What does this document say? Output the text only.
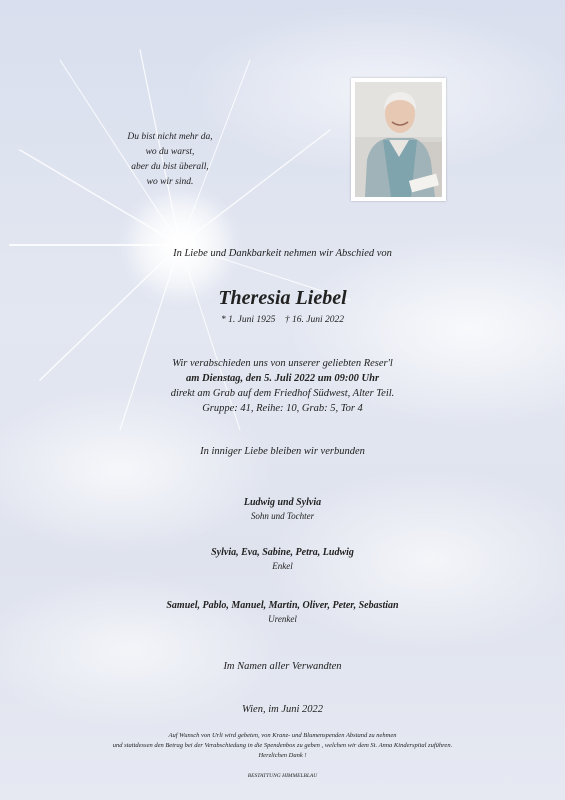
Du bist nicht mehr da,
wo du warst,
aber du bist überall,
wo wir sind.
In Liebe und Dankbarkeit nehmen wir Abschied von
Theresia Liebel
* 1. Juni 1925    † 16. Juni 2022
Wir verabschieden uns von unserer geliebten Reser'l
am Dienstag, den 5. Juli 2022 um 09:00 Uhr
direkt am Grab auf dem Friedhof Südwest, Alter Teil.
Gruppe: 41, Reihe: 10, Grab: 5, Tor 4
In inniger Liebe bleiben wir verbunden
Ludwig und Sylvia
Sohn und Tochter
Sylvia, Eva, Sabine, Petra, Ludwig
Enkel
Samuel, Pablo, Manuel, Martin, Oliver, Peter, Sebastian
Urenkel
Im Namen aller Verwandten
Wien, im Juni 2022
Auf Wunsch von Urli wird gebeten, von Kranz- und Blumenspenden Abstand zu nehmen
und stattdessen den Betrag bei der Verabschiedung in die Spendenbox zu geben , welchen wir dem St. Anna Kinderspital zuführen.
Herzlichen Dank !
BESTATTUNG HIMMELBLAU
